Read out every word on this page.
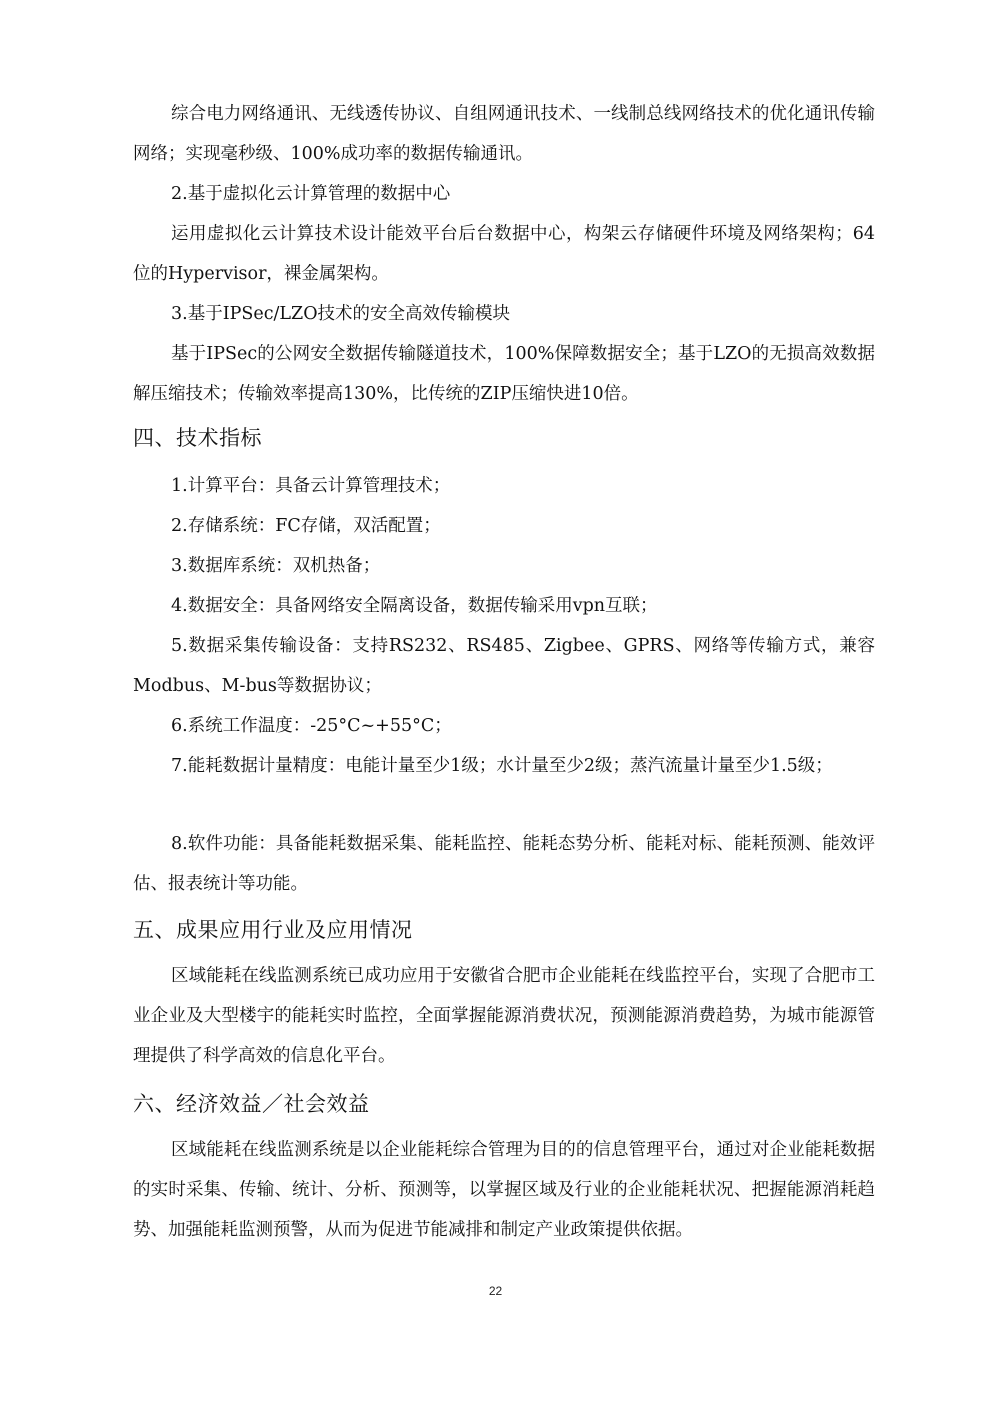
综合电力网络通讯、无线透传协议、自组网通讯技术、一线制总线网络技术的优化通讯传输网络；实现毫秒级、100%成功率的数据传输通讯。

2.基于虚拟化云计算管理的数据中心

运用虚拟化云计算技术设计能效平台后台数据中心，构架云存储硬件环境及网络架构；64位的Hypervisor，裸金属架构。

3.基于IPSec/LZO技术的安全高效传输模块

基于IPSec的公网安全数据传输隧道技术，100%保障数据安全；基于LZO的无损高效数据解压缩技术；传输效率提高130%，比传统的ZIP压缩快进10倍。

四、技术指标

1.计算平台：具备云计算管理技术；

2.存储系统：FC存储，双活配置；

3.数据库系统：双机热备；

4.数据安全：具备网络安全隔离设备，数据传输采用vpn互联；

5.数据采集传输设备：支持RS232、RS485、Zigbee、GPRS、网络等传输方式，兼容Modbus、M-bus等数据协议；

6.系统工作温度：-25°C~+55°C；

7.能耗数据计量精度：电能计量至少1级；水计量至少2级；蒸汽流量计量至少1.5级；

8.软件功能：具备能耗数据采集、能耗监控、能耗态势分析、能耗对标、能耗预测、能效评估、报表统计等功能。

五、成果应用行业及应用情况

区域能耗在线监测系统已成功应用于安徽省合肥市企业能耗在线监控平台，实现了合肥市工业企业及大型楼宇的能耗实时监控，全面掌握能源消费状况，预测能源消费趋势，为城市能源管理提供了科学高效的信息化平台。

六、经济效益／社会效益

区域能耗在线监测系统是以企业能耗综合管理为目的的信息管理平台，通过对企业能耗数据的实时采集、传输、统计、分析、预测等，以掌握区域及行业的企业能耗状况、把握能源消耗趋势、加强能耗监测预警，从而为促进节能减排和制定产业政策提供依据。

22
